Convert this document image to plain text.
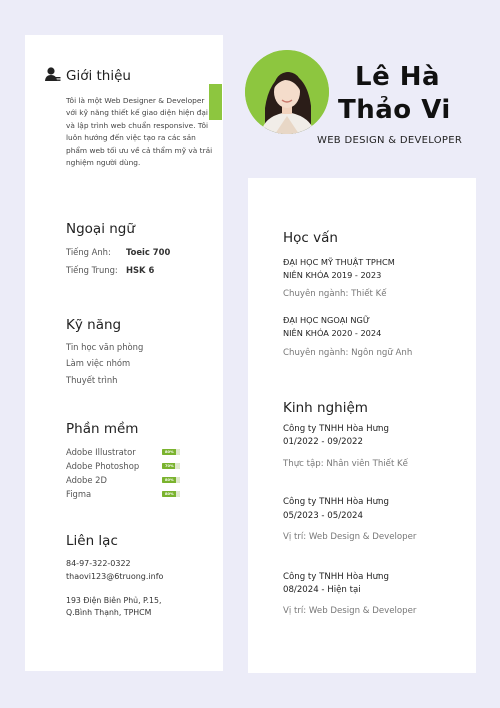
Lê Hà
Thảo Vi
WEB DESIGN & DEVELOPER
Giới thiệu
Tôi là một Web Designer & Developer với kỹ năng thiết kế giao diện hiện đại và lập trình web chuẩn responsive. Tôi luôn hướng đến việc tạo ra các sản phẩm web tối ưu về cả thẩm mỹ và trải nghiệm người dùng.
Ngoại ngữ
Tiếng Anh: Toeic 700
Tiếng Trung: HSK 6
Kỹ năng
Tin học văn phòng
Làm việc nhóm
Thuyết trình
Phần mềm
Adobe Illustrator
Adobe Photoshop
Adobe 2D
Figma
80%
70%
80%
80%
Liên lạc
84-97-322-0322
thaovi123@6truong.info
193 Điện Biên Phủ, P.15,
Q.Bình Thạnh, TPHCM
Học vấn
ĐẠI HỌC MỸ THUẬT TPHCM
NIÊN KHÓA 2019 - 2023
Chuyên ngành: Thiết Kế
ĐẠI HỌC NGOẠI NGỮ
NIÊN KHÓA 2020 - 2024
Chuyên ngành: Ngôn ngữ Anh
Kinh nghiệm
Công ty TNHH Hòa Hưng
01/2022 - 09/2022
Thực tập: Nhân viên Thiết Kế
Công ty TNHH Hòa Hưng
05/2023 - 05/2024
Vị trí: Web Design & Developer
Công ty TNHH Hòa Hưng
08/2024 - Hiện tại
Vị trí: Web Design & Developer
